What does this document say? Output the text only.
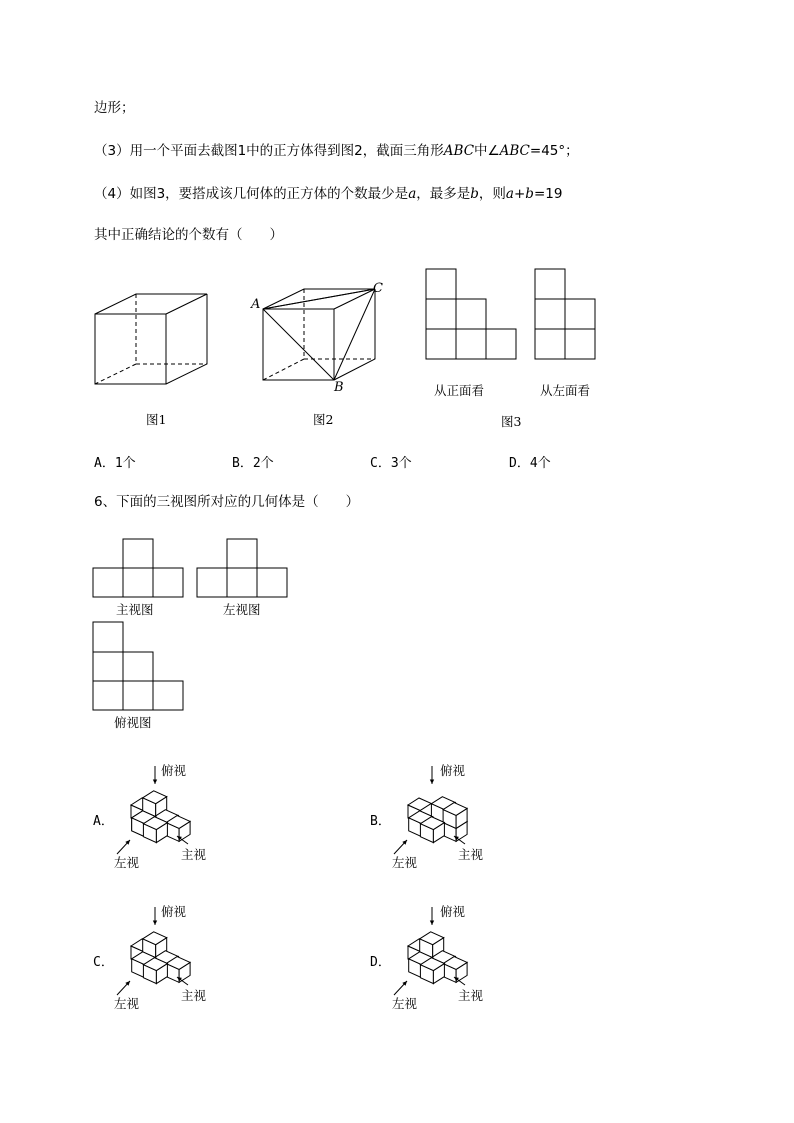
边形；
（3）用一个平面去截图1中的正方体得到图2，截面三角形ABC中∠ABC=45°；
（4）如图3，要搭成该几何体的正方体的个数最少是a，最多是b，则a+b=19
其中正确结论的个数有（　　）
图1
A
C
B
图2
从正面看	从左面看
图3
A．1个	B．2个	C．3个	D．4个
6、下面的三视图所对应的几何体是（　　）
主视图	左视图
俯视图
A．	B．
C．	D．
俯视
左视
主视
俯视
左视
主视
俯视
左视
主视
俯视
左视
主视
